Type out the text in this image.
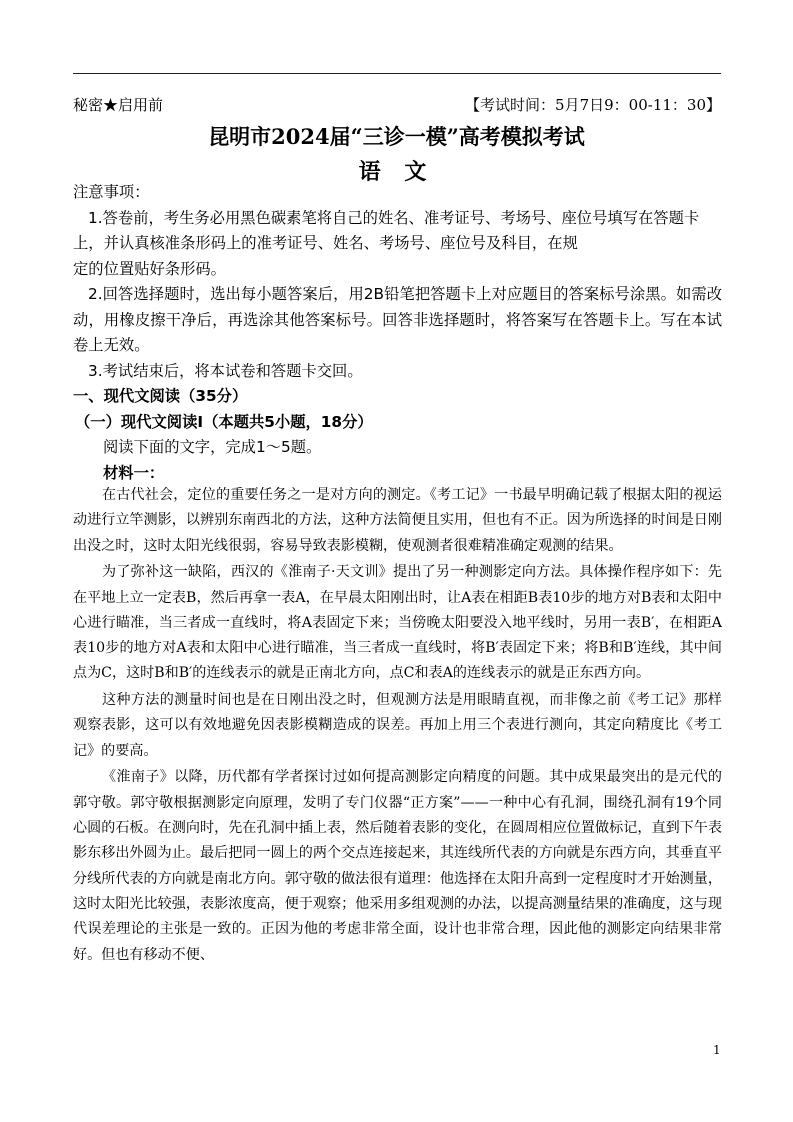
秘密★启用前	【考试时间：5月7日9：00-11：30】
昆明市2024届“三诊一模”高考模拟考试
语 文

注意事项：

1.答卷前，考生务必用黑色碳素笔将自己的姓名、准考证号、考场号、座位号填写在答题卡

上，并认真核准条形码上的准考证号、姓名、考场号、座位号及科目，在规

定的位置贴好条形码。

2.回答选择题时，选出每小题答案后，用2B铅笔把答题卡上对应题目的答案标号涂黑。如需改动，用橡皮擦干净后，再选涂其他答案标号。回答非选择题时，将答案写在答题卡上。写在本试卷上无效。

3.考试结束后，将本试卷和答题卡交回。

一、现代文阅读（35分）

（一）现代文阅读Ⅰ（本题共5小题，18分）

阅读下面的文字，完成1～5题。

材料一：

在古代社会，定位的重要任务之一是对方向的测定。《考工记》一书最早明确记载了根据太阳的视运动进行立竿测影，以辨别东南西北的方法，这种方法简便且实用，但也有不正。因为所选择的时间是日刚出没之时，这时太阳光线很弱，容易导致表影模糊，使观测者很难精准确定观测的结果。

为了弥补这一缺陷，西汉的《淮南子·天文训》提出了另一种测影定向方法。具体操作程序如下：先在平地上立一定表B，然后再拿一表A，在早晨太阳刚出时，让A表在相距B表10步的地方对B表和太阳中心进行瞄准，当三者成一直线时，将A表固定下来；当傍晚太阳要没入地平线时，另用一表B′，在相距A表10步的地方对A表和太阳中心进行瞄准，当三者成一直线时，将B′表固定下来；将B和B′连线，其中间点为C，这时B和B′的连线表示的就是正南北方向，点C和表A的连线表示的就是正东西方向。

这种方法的测量时间也是在日刚出没之时，但观测方法是用眼睛直视，而非像之前《考工记》那样观察表影，这可以有效地避免因表影模糊造成的误差。再加上用三个表进行测向，其定向精度比《考工记》的要高。

《淮南子》以降，历代都有学者探讨过如何提高测影定向精度的问题。其中成果最突出的是元代的郭守敬。郭守敬根据测影定向原理，发明了专门仪器“正方案”——一种中心有孔洞，围绕孔洞有19个同心圆的石板。在测向时，先在孔洞中插上表，然后随着表影的变化，在圆周相应位置做标记，直到下午表影东移出外圆为止。最后把同一圆上的两个交点连接起来，其连线所代表的方向就是东西方向，其垂直平分线所代表的方向就是南北方向。郭守敬的做法很有道理：他选择在太阳升高到一定程度时才开始测量，这时太阳光比较强，表影浓度高，便于观察；他采用多组观测的办法，以提高测量结果的准确度，这与现代误差理论的主张是一致的。正因为他的考虑非常全面，设计也非常合理，因此他的测影定向结果非常好。但也有移动不便、

1
